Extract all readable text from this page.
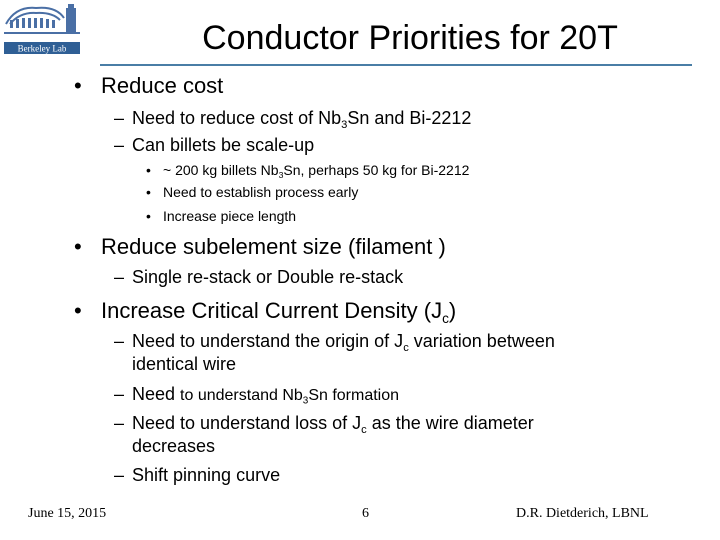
Berkeley Lab	Conductor Priorities for 20T
• Reduce cost
– Need to reduce cost of $Nb_3Sn$ and Bi-2212
– Can billets be scale-up
• ~ 200 kg billets $Nb_3Sn$, perhaps 50 kg for Bi-2212
• Need to establish process early
• Increase piece length
• Reduce subelement size (filament )
– Single re-stack or Double re-stack
• Increase Critical Current Density $(J_c)$
– Need to understand the origin of $J_c$ variation between
identical wire
– Need to understand $Nb_3Sn$ formation
– Need to understand loss of $J_c$ as the wire diameter
decreases
– Shift pinning curve
June 15, 2015	6	D.R. Dietderich, LBNL
